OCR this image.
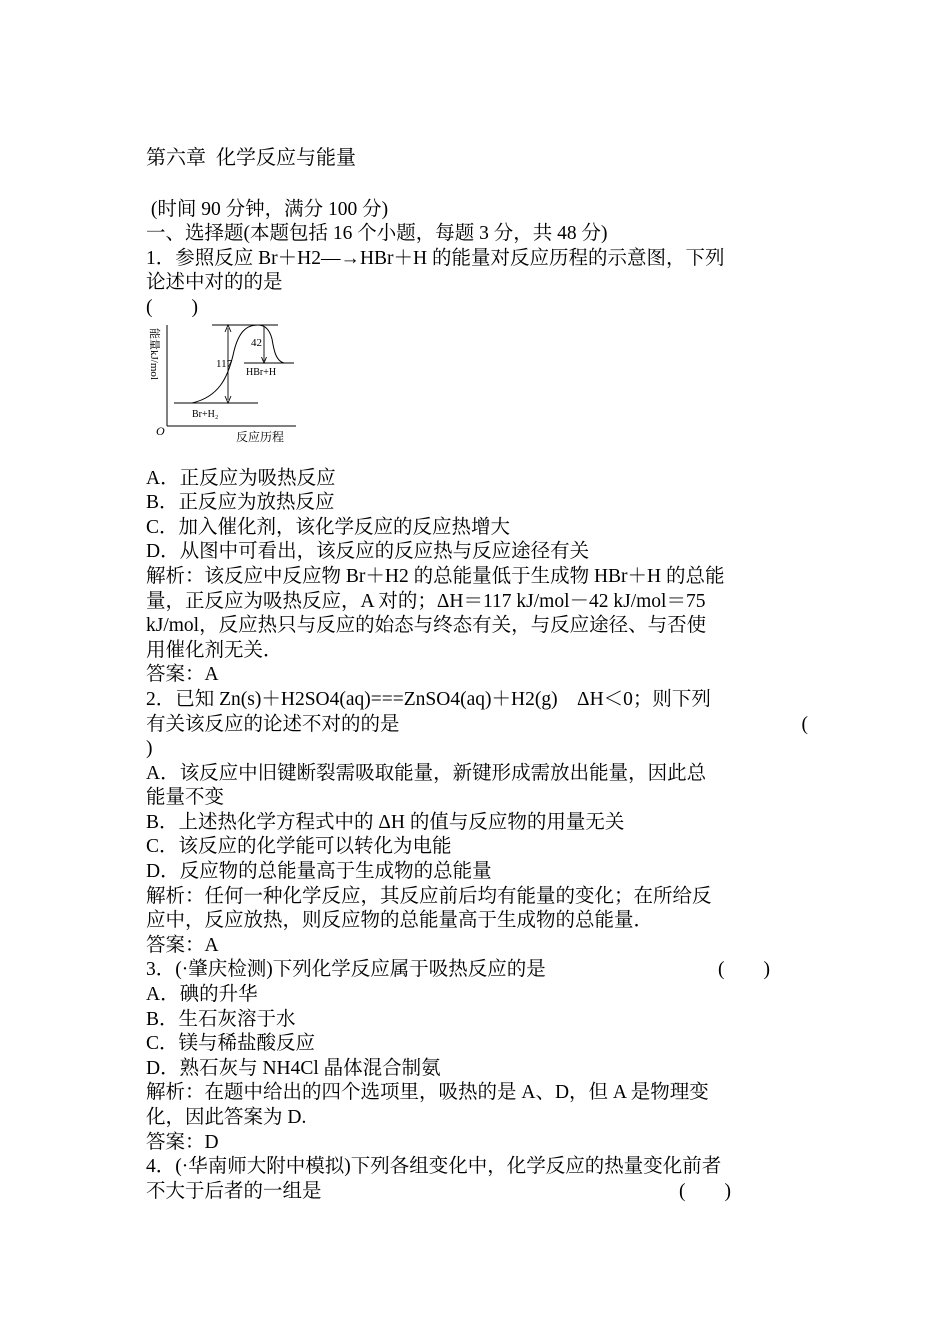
第六章  化学反应与能量
(时间 90 分钟，满分 100 分)
一、选择题(本题包括 16 个小题，每题 3 分，共 48 分)
1．参照反应 Br＋H2—→HBr＋H 的能量对反应历程的示意图，下列
论述中对的的是
(        )
O
能量kJ/mol
反应历程
117
42
HBr+H
Br+H₂
A．正反应为吸热反应
B．正反应为放热反应
C．加入催化剂，该化学反应的反应热增大
D．从图中可看出，该反应的反应热与反应途径有关
解析：该反应中反应物 Br＋H2 的总能量低于生成物 HBr＋H 的总能
量，正反应为吸热反应，A 对的；ΔH＝117 kJ/mol－42 kJ/mol＝75
kJ/mol，反应热只与反应的始态与终态有关，与反应途径、与否使
用催化剂无关．
答案：A
2．已知 Zn(s)＋H2SO4(aq)===ZnSO4(aq)＋H2(g)    ΔH＜0；则下列
有关该反应的论述不对的的是	(
)
A．该反应中旧键断裂需吸取能量，新键形成需放出能量，因此总
能量不变
B．上述热化学方程式中的 ΔH 的值与反应物的用量无关
C．该反应的化学能可以转化为电能
D．反应物的总能量高于生成物的总能量
解析：任何一种化学反应，其反应前后均有能量的变化；在所给反
应中，反应放热，则反应物的总能量高于生成物的总能量．
答案：A
3．(·肇庆检测)下列化学反应属于吸热反应的是	(        )
A．碘的升华
B．生石灰溶于水
C．镁与稀盐酸反应
D．熟石灰与 NH4Cl 晶体混合制氨
解析：在题中给出的四个选项里，吸热的是 A、D，但 A 是物理变
化，因此答案为 D.
答案：D
4．(·华南师大附中模拟)下列各组变化中，化学反应的热量变化前者
不大于后者的一组是	(        )
